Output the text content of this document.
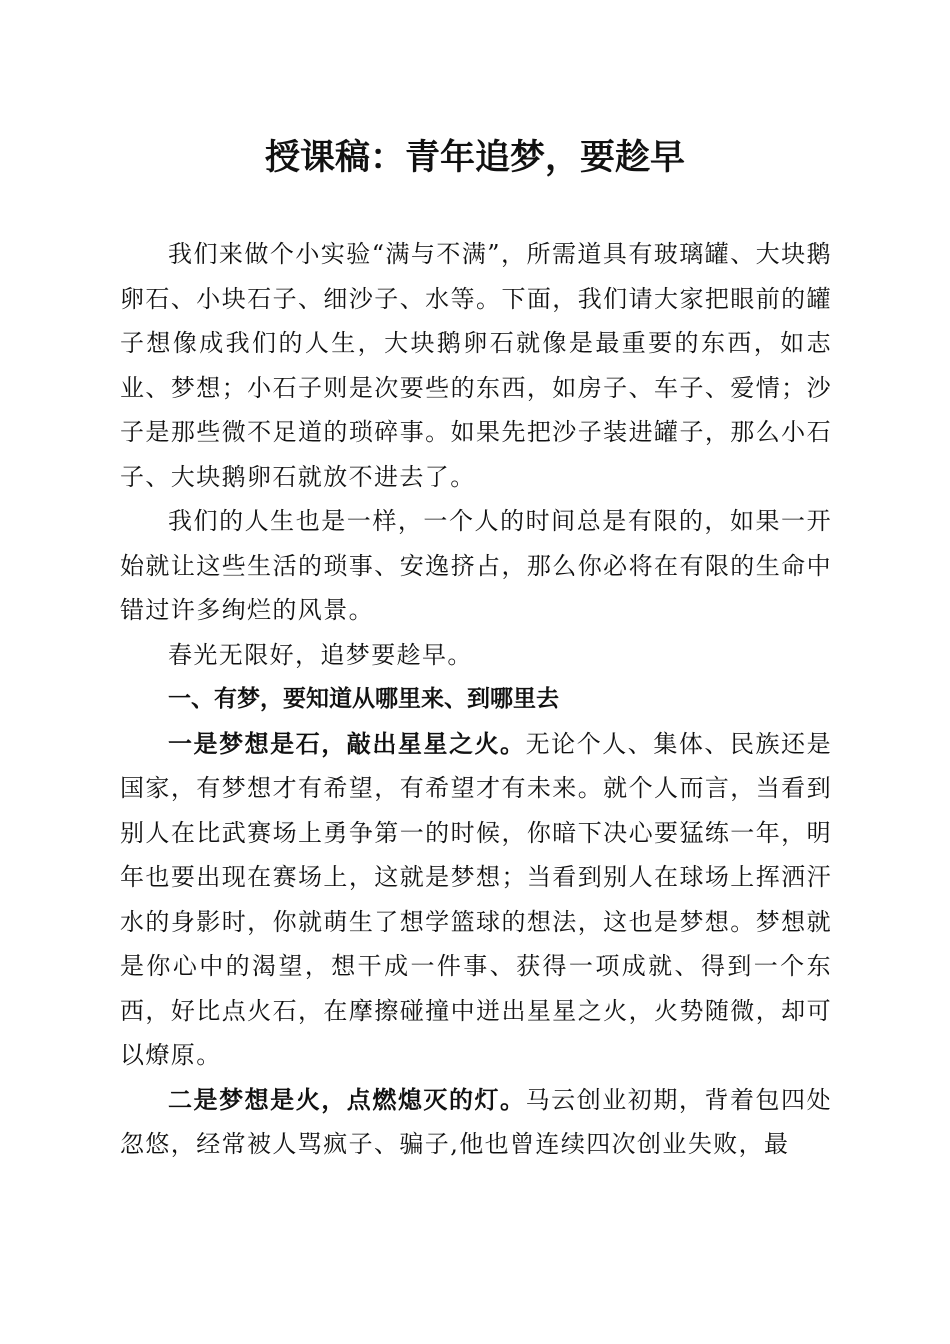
授课稿：青年追梦，要趁早

我们来做个小实验“满与不满”，所需道具有玻璃罐、大块鹅卵石、小块石子、细沙子、水等。下面，我们请大家把眼前的罐子想像成我们的人生，大块鹅卵石就像是最重要的东西，如志业、梦想；小石子则是次要些的东西，如房子、车子、爱情；沙子是那些微不足道的琐碎事。如果先把沙子装进罐子，那么小石子、大块鹅卵石就放不进去了。

我们的人生也是一样，一个人的时间总是有限的，如果一开始就让这些生活的琐事、安逸挤占，那么你必将在有限的生命中错过许多绚烂的风景。

春光无限好，追梦要趁早。

一、有梦，要知道从哪里来、到哪里去

一是梦想是石，敲出星星之火。无论个人、集体、民族还是国家，有梦想才有希望，有希望才有未来。就个人而言，当看到别人在比武赛场上勇争第一的时候，你暗下决心要猛练一年，明年也要出现在赛场上，这就是梦想；当看到别人在球场上挥洒汗水的身影时，你就萌生了想学篮球的想法，这也是梦想。梦想就是你心中的渴望，想干成一件事、获得一项成就、得到一个东西，好比点火石，在摩擦碰撞中迸出星星之火，火势随微，却可以燎原。

二是梦想是火，点燃熄灭的灯。马云创业初期，背着包四处忽悠，经常被人骂疯子、骗子,他也曾连续四次创业失败，最
